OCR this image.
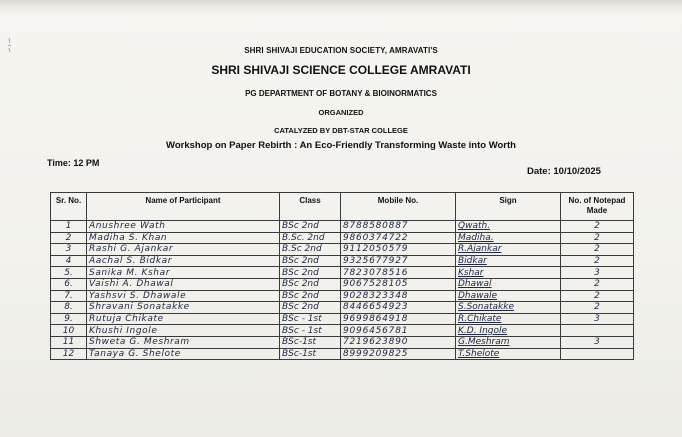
SHRI SHIVAJI EDUCATION SOCIETY, AMRAVATI'S
SHRI SHIVAJI SCIENCE COLLEGE AMRAVATI
PG DEPARTMENT OF BOTANY & BIOINORMATICS
ORGANIZED
CATALYZED BY DBT-STAR COLLEGE
Workshop on Paper Rebirth : An Eco-Friendly Transforming Waste into Worth
Time: 12 PM
Date: 10/10/2025
Sr. No.	Name of Participant	Class	Mobile No.	Sign	No. of Notepad Made
1	Anushree Wath	BSc 2nd	8788580887	Qwath.	2
2	Madiha S. Khan	B.Sc. 2nd	9860374722	Madiha.	2
3	Rashi G. Ajankar	B.Sc 2nd	9112050579	R.Ajankar	2
4	Aachal S. Bidkar	BSc 2nd	9325677927	Bidkar	2
5.	Sanika M. Kshar	BSc 2nd	7823078516	Kshar	3
6.	Vaishi A. Dhawal	BSc 2nd	9067528105	Dhawal	2
7.	Yashsvi S. Dhawale	BSc 2nd	9028323348	Dhawale	2
8.	Shravani Sonatakke	BSc 2nd	8446654923	S.Sonatakke	2
9.	Rutuja Chikate	BSc - 1st	9699864918	R.Chikate	3
10	Khushi Ingole	BSc - 1st	9096456781	K.D. Ingole	
11	Shweta G. Meshram	BSc-1st	7219623890	G.Meshram	3
12	Tanaya G. Shelote	BSc-1st	8999209825	T.Shelote	
